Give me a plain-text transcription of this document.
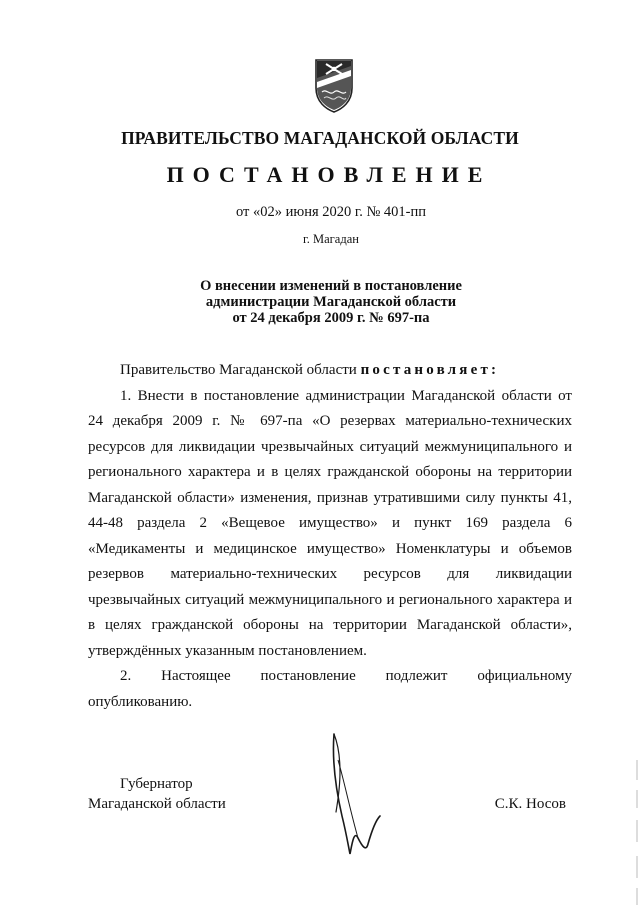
ПРАВИТЕЛЬСТВО МАГАДАНСКОЙ ОБЛАСТИ
ПОСТАНОВЛЕНИЕ
от «02» июня 2020 г. № 401-пп
г. Магадан
О внесении изменений в постановление
администрации Магаданской области
от 24 декабря 2009 г. № 697-па

Правительство Магаданской области постановляет:

1. Внести в постановление администрации Магаданской области от 24 декабря 2009 г. № 697-па «О резервах материально-технических ресурсов для ликвидации чрезвычайных ситуаций межмуниципального и регионального характера и в целях гражданской обороны на территории Магаданской области» изменения, признав утратившими силу пункты 41, 44-48 раздела 2 «Вещевое имущество» и пункт 169 раздела 6 «Медикаменты и медицинское имущество» Номенклатуры и объемов резервов материально-технических ресурсов для ликвидации чрезвычайных ситуаций межмуниципального и регионального характера и в целях гражданской обороны на территории Магаданской области», утверждённых указанным постановлением.

2. Настоящее постановление подлежит официальному

опубликованию.

Губернатор
Магаданской области	С.К. Носов
